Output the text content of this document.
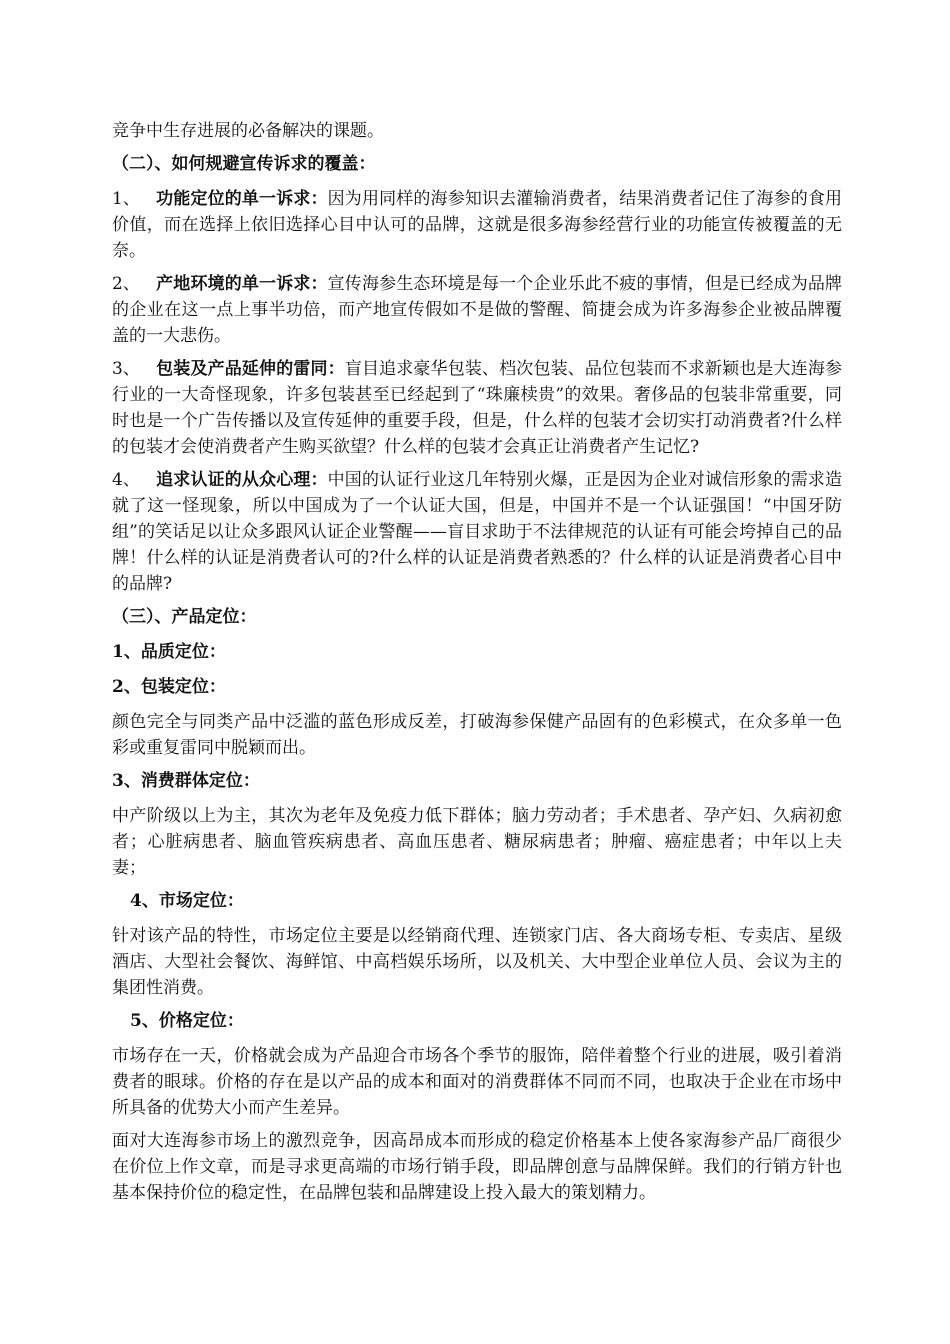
竞争中生存进展的必备解决的课题。

（二）、如何规避宣传诉求的覆盖：

1、 功能定位的单一诉求：因为用同样的海参知识去灌输消费者，结果消费者记住了海参的食用价值，而在选择上依旧选择心目中认可的品牌，这就是很多海参经营行业的功能宣传被覆盖的无奈。

2、 产地环境的单一诉求：宣传海参生态环境是每一个企业乐此不疲的事情，但是已经成为品牌的企业在这一点上事半功倍，而产地宣传假如不是做的警醒、简捷会成为许多海参企业被品牌覆盖的一大悲伤。

3、 包装及产品延伸的雷同：盲目追求豪华包装、档次包装、品位包装而不求新颖也是大连海参行业的一大奇怪现象，许多包装甚至已经起到了“珠廉椟贵”的效果。奢侈品的包装非常重要，同时也是一个广告传播以及宣传延伸的重要手段，但是，什么样的包装才会切实打动消费者?什么样的包装才会使消费者产生购买欲望？什么样的包装才会真正让消费者产生记忆?

4、 追求认证的从众心理：中国的认证行业这几年特别火爆，正是因为企业对诚信形象的需求造就了这一怪现象，所以中国成为了一个认证大国，但是，中国并不是一个认证强国！“中国牙防组”的笑话足以让众多跟风认证企业警醒——盲目求助于不法律规范的认证有可能会垮掉自己的品牌！什么样的认证是消费者认可的?什么样的认证是消费者熟悉的？什么样的认证是消费者心目中的品牌?

（三）、产品定位：

1、品质定位：

2、包装定位：

颜色完全与同类产品中泛滥的蓝色形成反差，打破海参保健产品固有的色彩模式，在众多单一色彩或重复雷同中脱颖而出。

3、消费群体定位：

中产阶级以上为主，其次为老年及免疫力低下群体；脑力劳动者；手术患者、孕产妇、久病初愈者；心脏病患者、脑血管疾病患者、高血压患者、糖尿病患者；肿瘤、癌症患者；中年以上夫妻；

4、市场定位：

针对该产品的特性，市场定位主要是以经销商代理、连锁家门店、各大商场专柜、专卖店、星级酒店、大型社会餐饮、海鲜馆、中高档娱乐场所，以及机关、大中型企业单位人员、会议为主的集团性消费。

5、价格定位：

市场存在一天，价格就会成为产品迎合市场各个季节的服饰，陪伴着整个行业的进展，吸引着消费者的眼球。价格的存在是以产品的成本和面对的消费群体不同而不同，也取决于企业在市场中所具备的优势大小而产生差异。

面对大连海参市场上的激烈竞争，因高昂成本而形成的稳定价格基本上使各家海参产品厂商很少在价位上作文章，而是寻求更高端的市场行销手段，即品牌创意与品牌保鲜。我们的行销方针也基本保持价位的稳定性，在品牌包装和品牌建设上投入最大的策划精力。
